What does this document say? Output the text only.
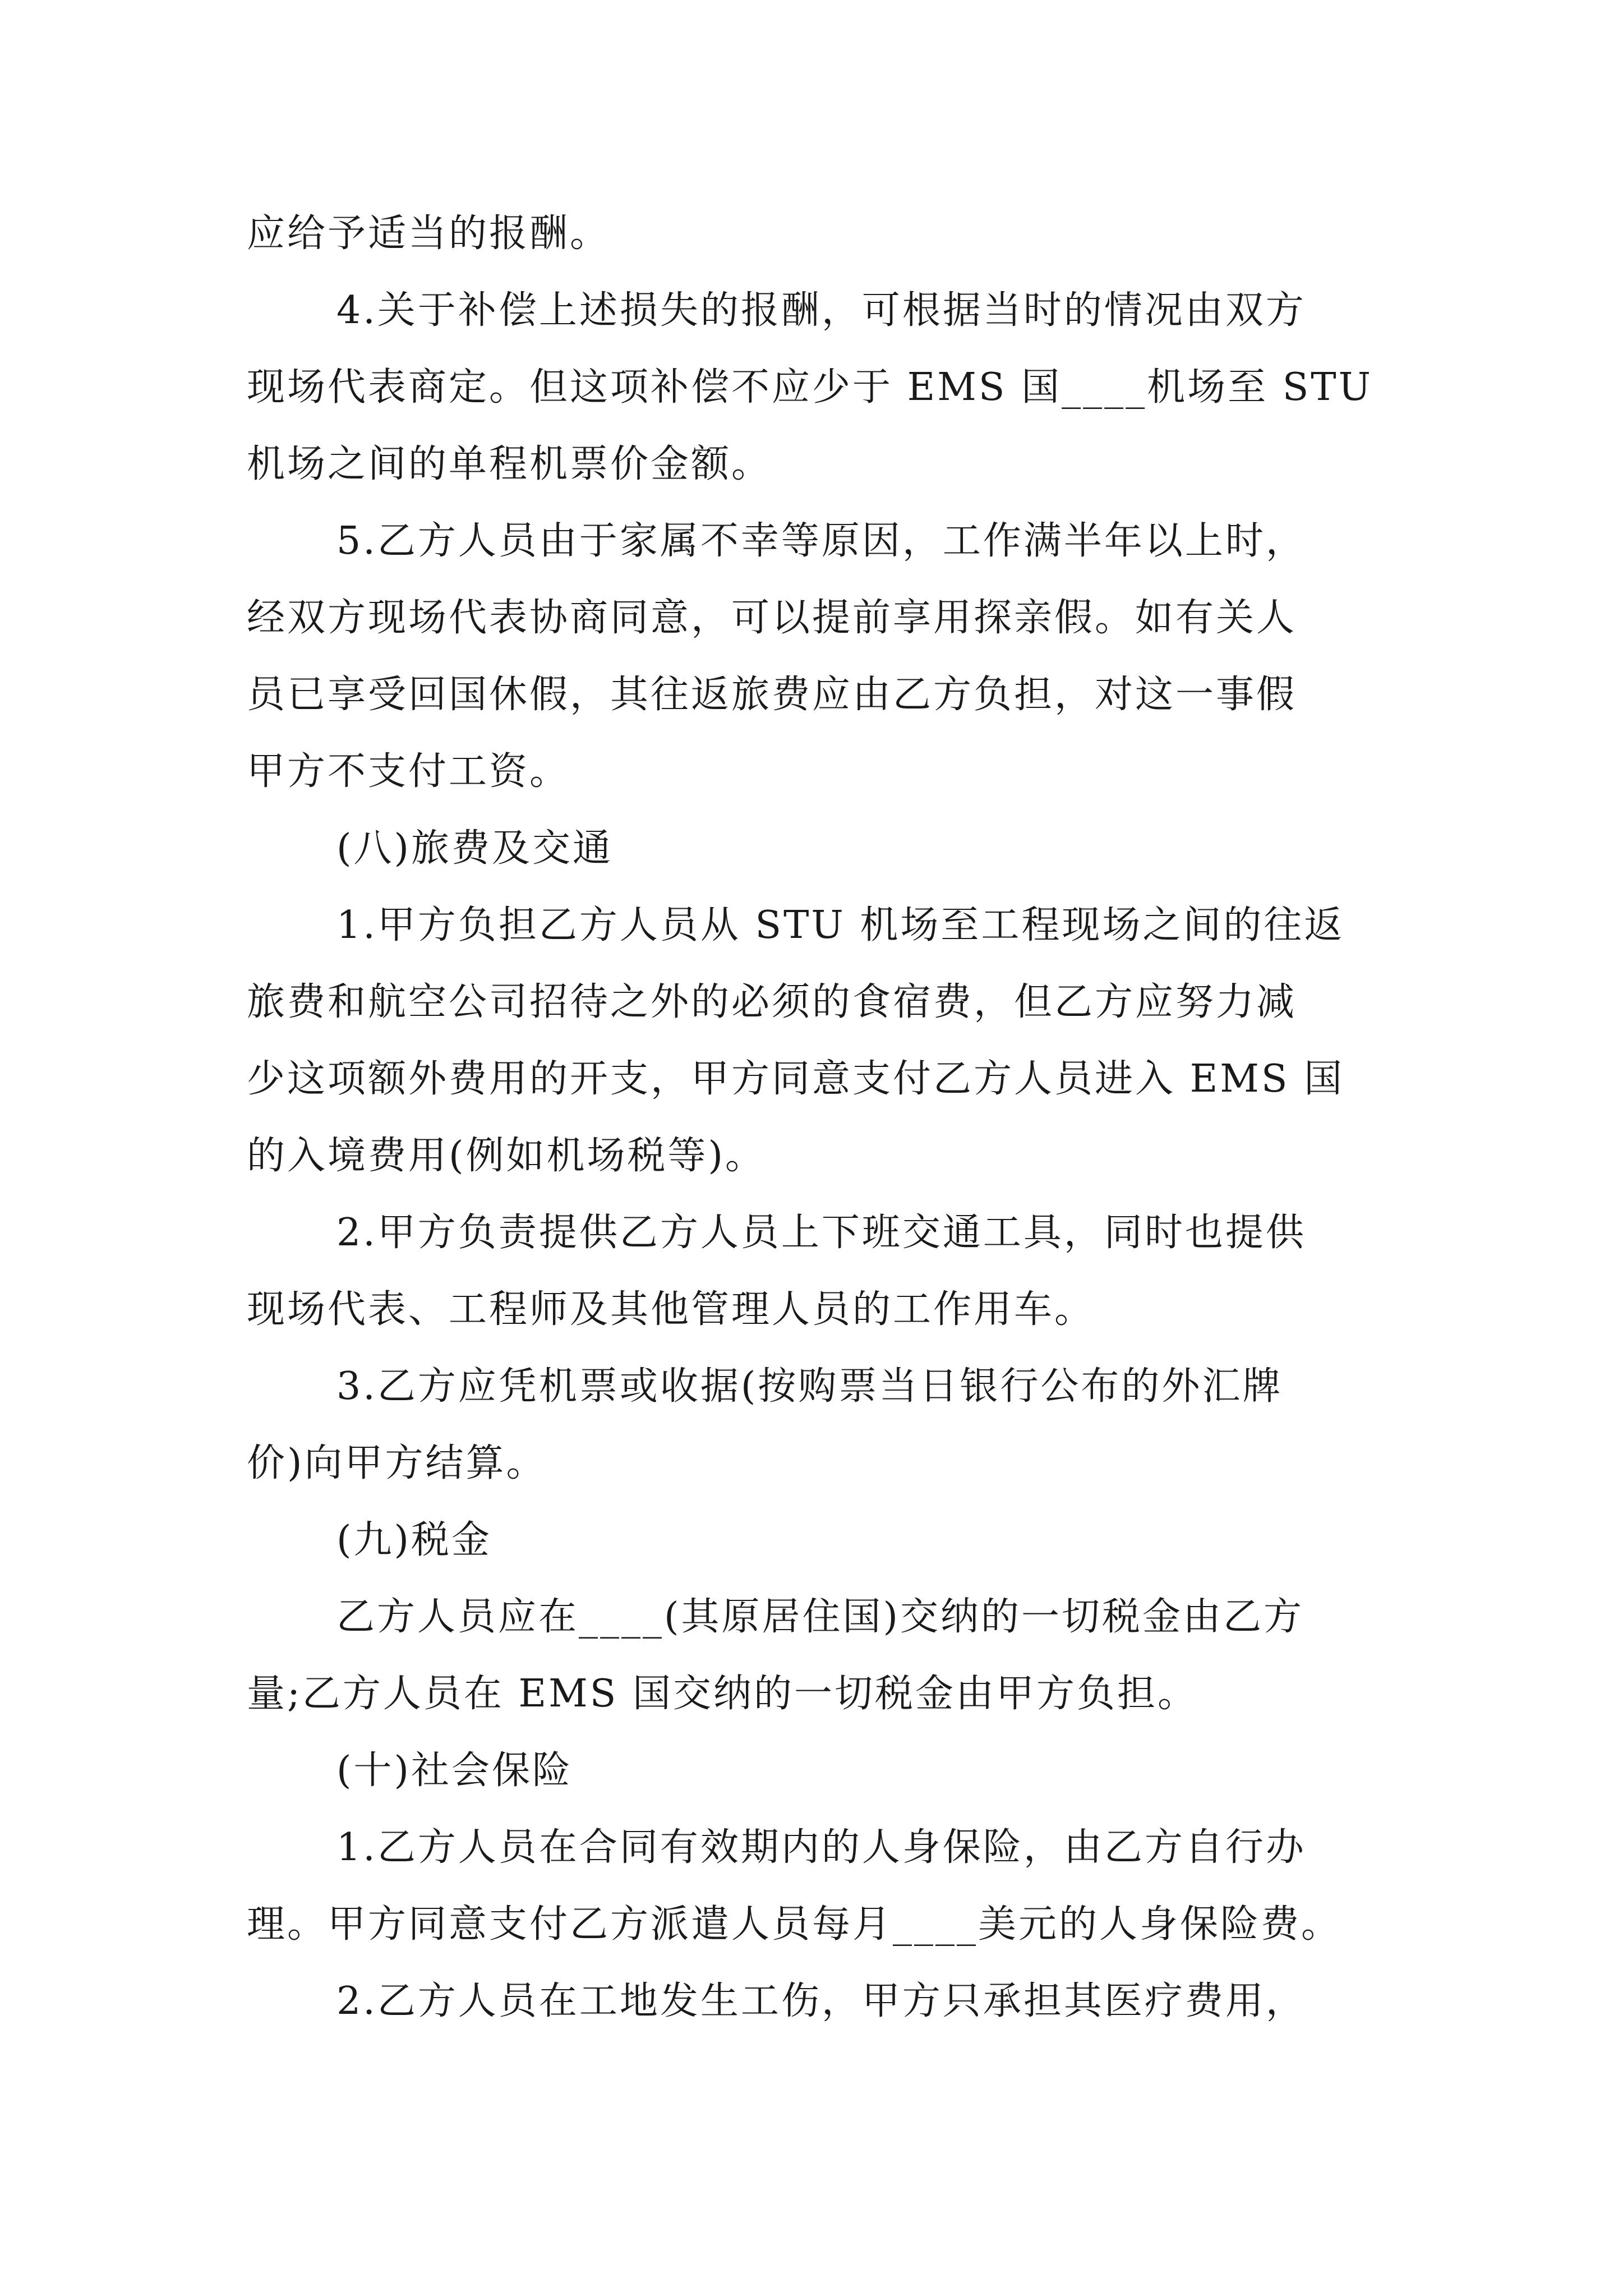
应给予适当的报酬。
4.关于补偿上述损失的报酬，可根据当时的情况由双方
现场代表商定。但这项补偿不应少于 EMS 国____机场至 STU
机场之间的单程机票价金额。
5.乙方人员由于家属不幸等原因，工作满半年以上时，
经双方现场代表协商同意，可以提前享用探亲假。如有关人
员已享受回国休假，其往返旅费应由乙方负担，对这一事假
甲方不支付工资。
(八)旅费及交通
1.甲方负担乙方人员从 STU 机场至工程现场之间的往返
旅费和航空公司招待之外的必须的食宿费，但乙方应努力减
少这项额外费用的开支，甲方同意支付乙方人员进入 EMS 国
的入境费用(例如机场税等)。
2.甲方负责提供乙方人员上下班交通工具，同时也提供
现场代表、工程师及其他管理人员的工作用车。
3.乙方应凭机票或收据(按购票当日银行公布的外汇牌
价)向甲方结算。
(九)税金
乙方人员应在____(其原居住国)交纳的一切税金由乙方
量;乙方人员在 EMS 国交纳的一切税金由甲方负担。
(十)社会保险
1.乙方人员在合同有效期内的人身保险，由乙方自行办
理。甲方同意支付乙方派遣人员每月____美元的人身保险费。
2.乙方人员在工地发生工伤，甲方只承担其医疗费用，
